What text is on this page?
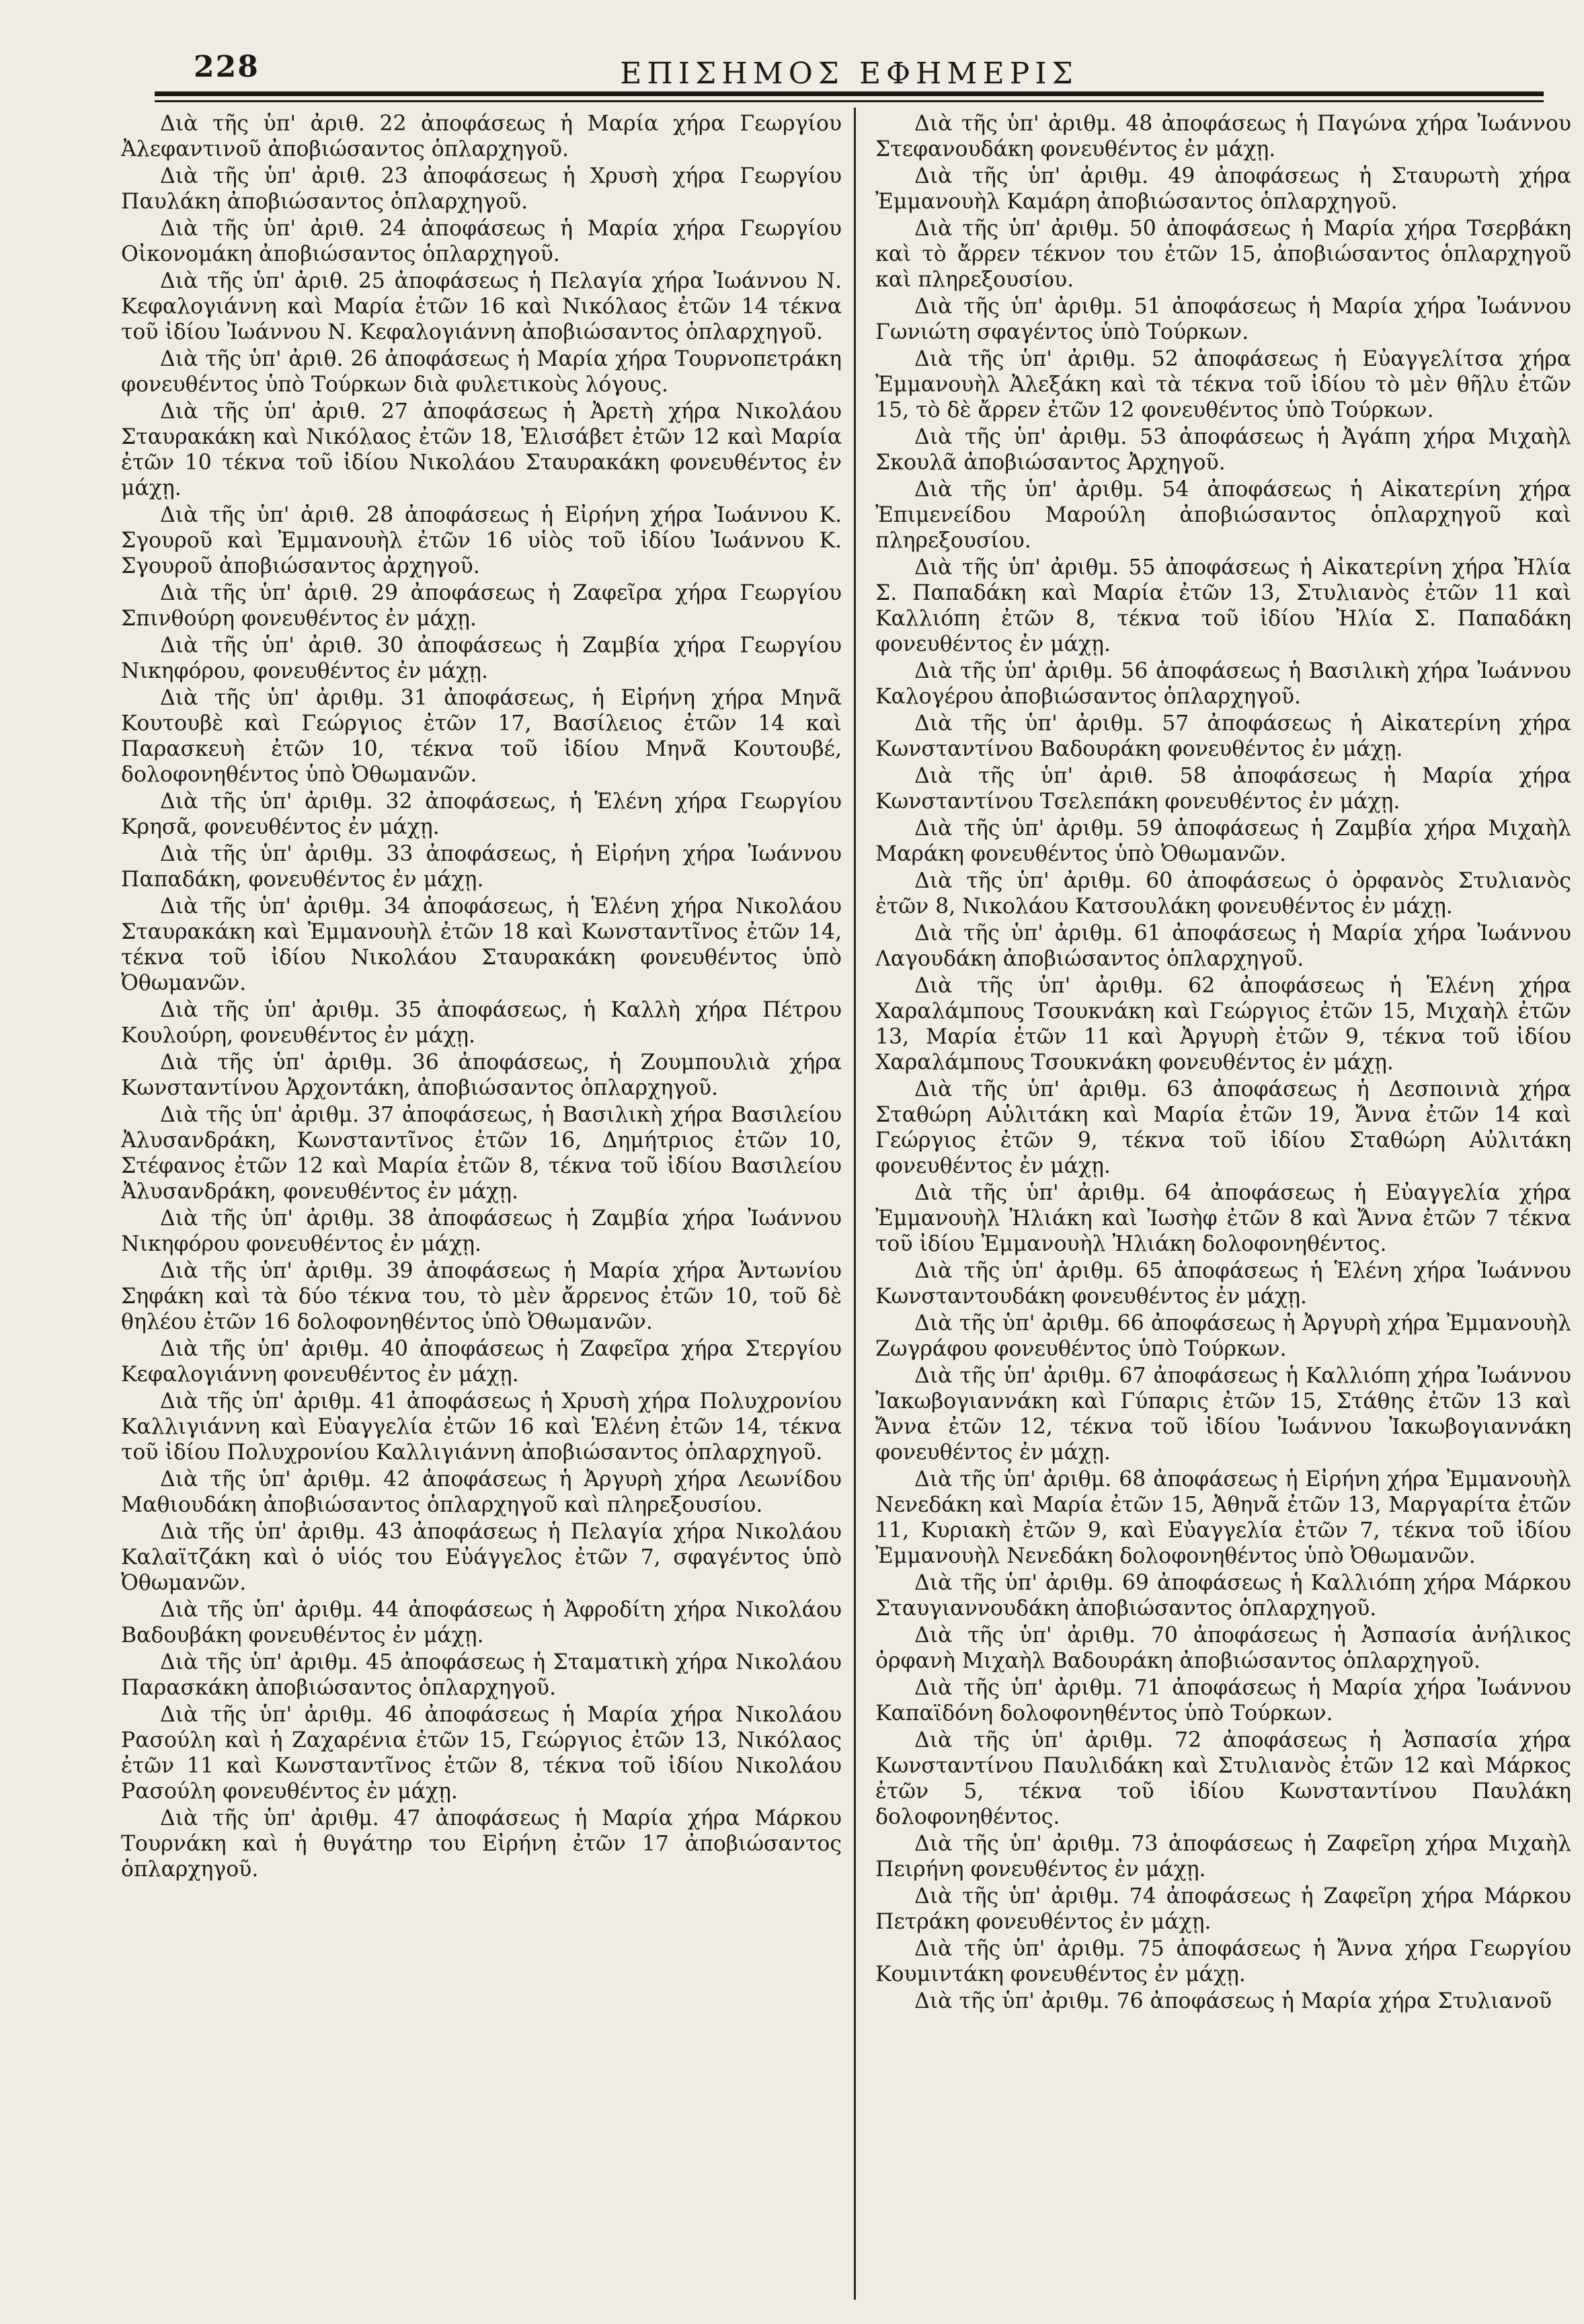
228	ΕΠΙΣΗΜΟΣ ΕΦΗΜΕΡΙΣ

Διὰ τῆς ὑπ' ἀριθ. 22 ἀποφάσεως ἡ Μαρία χήρα Γεωργίου Ἀλεφαντινοῦ ἀποβιώσαντος ὁπλαρχηγοῦ.

Διὰ τῆς ὑπ' ἀριθ. 23 ἀποφάσεως ἡ Χρυσὴ χήρα Γεωργίου Παυλάκη ἀποβιώσαντος ὁπλαρχηγοῦ.

Διὰ τῆς ὑπ' ἀριθ. 24 ἀποφάσεως ἡ Μαρία χήρα Γεωργίου Οἰκονομάκη ἀποβιώσαντος ὁπλαρχηγοῦ.

Διὰ τῆς ὑπ' ἀριθ. 25 ἀποφάσεως ἡ Πελαγία χήρα Ἰωάννου Ν. Κεφαλογιάννη καὶ Μαρία ἐτῶν 16 καὶ Νικόλαος ἐτῶν 14 τέκνα τοῦ ἰδίου Ἰωάννου Ν. Κεφαλογιάννη ἀποβιώσαντος ὁπλαρχηγοῦ.

Διὰ τῆς ὑπ' ἀριθ. 26 ἀποφάσεως ἡ Μαρία χήρα Τουρνοπετράκη φονευθέντος ὑπὸ Τούρκων διὰ φυλετικοὺς λόγους.

Διὰ τῆς ὑπ' ἀριθ. 27 ἀποφάσεως ἡ Ἀρετὴ χήρα Νικολάου Σταυρακάκη καὶ Νικόλαος ἐτῶν 18, Ἐλισάβετ ἐτῶν 12 καὶ Μαρία ἐτῶν 10 τέκνα τοῦ ἰδίου Νικολάου Σταυρακάκη φονευθέντος ἐν μάχῃ.

Διὰ τῆς ὑπ' ἀριθ. 28 ἀποφάσεως ἡ Εἰρήνη χήρα Ἰωάννου Κ. Σγουροῦ καὶ Ἐμμανουὴλ ἐτῶν 16 υἱὸς τοῦ ἰδίου Ἰωάννου Κ. Σγουροῦ ἀποβιώσαντος ἀρχηγοῦ.

Διὰ τῆς ὑπ' ἀριθ. 29 ἀποφάσεως ἡ Ζαφεῖρα χήρα Γεωργίου Σπινθούρη φονευθέντος ἐν μάχῃ.

Διὰ τῆς ὑπ' ἀριθ. 30 ἀποφάσεως ἡ Ζαμβία χήρα Γεωργίου Νικηφόρου, φονευθέντος ἐν μάχῃ.

Διὰ τῆς ὑπ' ἀριθμ. 31 ἀποφάσεως, ἡ Εἰρήνη χήρα Μηνᾶ Κουτουβὲ καὶ Γεώργιος ἐτῶν 17, Βασίλειος ἐτῶν 14 καὶ Παρασκευὴ ἐτῶν 10, τέκνα τοῦ ἰδίου Μηνᾶ Κουτουβέ, δολοφονηθέντος ὑπὸ Ὀθωμανῶν.

Διὰ τῆς ὑπ' ἀριθμ. 32 ἀποφάσεως, ἡ Ἑλένη χήρα Γεωργίου Κρησᾶ, φονευθέντος ἐν μάχῃ.

Διὰ τῆς ὑπ' ἀριθμ. 33 ἀποφάσεως, ἡ Εἰρήνη χήρα Ἰωάννου Παπαδάκη, φονευθέντος ἐν μάχῃ.

Διὰ τῆς ὑπ' ἀριθμ. 34 ἀποφάσεως, ἡ Ἑλένη χήρα Νικολάου Σταυρακάκη καὶ Ἐμμανουὴλ ἐτῶν 18 καὶ Κωνσταντῖνος ἐτῶν 14, τέκνα τοῦ ἰδίου Νικολάου Σταυρακάκη φονευθέντος ὑπὸ Ὀθωμανῶν.

Διὰ τῆς ὑπ' ἀριθμ. 35 ἀποφάσεως, ἡ Καλλὴ χήρα Πέτρου Κουλούρη, φονευθέντος ἐν μάχῃ.

Διὰ τῆς ὑπ' ἀριθμ. 36 ἀποφάσεως, ἡ Ζουμπουλιὰ χήρα Κωνσταντίνου Ἀρχοντάκη, ἀποβιώσαντος ὁπλαρχηγοῦ.

Διὰ τῆς ὑπ' ἀριθμ. 37 ἀποφάσεως, ἡ Βασιλικὴ χήρα Βασιλείου Ἀλυσανδράκη, Κωνσταντῖνος ἐτῶν 16, Δημήτριος ἐτῶν 10, Στέφανος ἐτῶν 12 καὶ Μαρία ἐτῶν 8, τέκνα τοῦ ἰδίου Βασιλείου Ἀλυσανδράκη, φονευθέντος ἐν μάχῃ.

Διὰ τῆς ὑπ' ἀριθμ. 38 ἀποφάσεως ἡ Ζαμβία χήρα Ἰωάννου Νικηφόρου φονευθέντος ἐν μάχῃ.

Διὰ τῆς ὑπ' ἀριθμ. 39 ἀποφάσεως ἡ Μαρία χήρα Ἀντωνίου Σηφάκη καὶ τὰ δύο τέκνα του, τὸ μὲν ἄρρενος ἐτῶν 10, τοῦ δὲ θηλέου ἐτῶν 16 δολοφονηθέντος ὑπὸ Ὀθωμανῶν.

Διὰ τῆς ὑπ' ἀριθμ. 40 ἀποφάσεως ἡ Ζαφεῖρα χήρα Στεργίου Κεφαλογιάννη φονευθέντος ἐν μάχῃ.

Διὰ τῆς ὑπ' ἀριθμ. 41 ἀποφάσεως ἡ Χρυσὴ χήρα Πολυχρονίου Καλλιγιάννη καὶ Εὐαγγελία ἐτῶν 16 καὶ Ἑλένη ἐτῶν 14, τέκνα τοῦ ἰδίου Πολυχρονίου Καλλιγιάννη ἀποβιώσαντος ὁπλαρχηγοῦ.

Διὰ τῆς ὑπ' ἀριθμ. 42 ἀποφάσεως ἡ Ἀργυρὴ χήρα Λεωνίδου Μαθιουδάκη ἀποβιώσαντος ὁπλαρχηγοῦ καὶ πληρεξουσίου.

Διὰ τῆς ὑπ' ἀριθμ. 43 ἀποφάσεως ἡ Πελαγία χήρα Νικολάου Καλαϊτζάκη καὶ ὁ υἱός του Εὐάγγελος ἐτῶν 7, σφαγέντος ὑπὸ Ὀθωμανῶν.

Διὰ τῆς ὑπ' ἀριθμ. 44 ἀποφάσεως ἡ Ἀφροδίτη χήρα Νικολάου Βαδουβάκη φονευθέντος ἐν μάχῃ.

Διὰ τῆς ὑπ' ἀριθμ. 45 ἀποφάσεως ἡ Σταματικὴ χήρα Νικολάου Παρασκάκη ἀποβιώσαντος ὁπλαρχηγοῦ.

Διὰ τῆς ὑπ' ἀριθμ. 46 ἀποφάσεως ἡ Μαρία χήρα Νικολάου Ρασούλη καὶ ἡ Ζαχαρένια ἐτῶν 15, Γεώργιος ἐτῶν 13, Νικόλαος ἐτῶν 11 καὶ Κωνσταντῖνος ἐτῶν 8, τέκνα τοῦ ἰδίου Νικολάου Ρασούλη φονευθέντος ἐν μάχῃ.

Διὰ τῆς ὑπ' ἀριθμ. 47 ἀποφάσεως ἡ Μαρία χήρα Μάρκου Τουρνάκη καὶ ἡ θυγάτηρ του Εἰρήνη ἐτῶν 17 ἀποβιώσαντος ὁπλαρχηγοῦ.

Διὰ τῆς ὑπ' ἀριθμ. 48 ἀποφάσεως ἡ Παγώνα χήρα Ἰωάννου Στεφανουδάκη φονευθέντος ἐν μάχῃ.

Διὰ τῆς ὑπ' ἀριθμ. 49 ἀποφάσεως ἡ Σταυρωτὴ χήρα Ἐμμανουὴλ Καμάρη ἀποβιώσαντος ὁπλαρχηγοῦ.

Διὰ τῆς ὑπ' ἀριθμ. 50 ἀποφάσεως ἡ Μαρία χήρα Τσερβάκη καὶ τὸ ἄρρεν τέκνον του ἐτῶν 15, ἀποβιώσαντος ὁπλαρχηγοῦ καὶ πληρεξουσίου.

Διὰ τῆς ὑπ' ἀριθμ. 51 ἀποφάσεως ἡ Μαρία χήρα Ἰωάννου Γωνιώτη σφαγέντος ὑπὸ Τούρκων.

Διὰ τῆς ὑπ' ἀριθμ. 52 ἀποφάσεως ἡ Εὐαγγελίτσα χήρα Ἐμμανουὴλ Ἀλεξάκη καὶ τὰ τέκνα τοῦ ἰδίου τὸ μὲν θῆλυ ἐτῶν 15, τὸ δὲ ἄρρεν ἐτῶν 12 φονευθέντος ὑπὸ Τούρκων.

Διὰ τῆς ὑπ' ἀριθμ. 53 ἀποφάσεως ἡ Ἀγάπη χήρα Μιχαὴλ Σκουλᾶ ἀποβιώσαντος Ἀρχηγοῦ.

Διὰ τῆς ὑπ' ἀριθμ. 54 ἀποφάσεως ἡ Αἰκατερίνη χήρα Ἐπιμενείδου Μαρούλη ἀποβιώσαντος ὁπλαρχηγοῦ καὶ πληρεξουσίου.

Διὰ τῆς ὑπ' ἀριθμ. 55 ἀποφάσεως ἡ Αἰκατερίνη χήρα Ἠλία Σ. Παπαδάκη καὶ Μαρία ἐτῶν 13, Στυλιανὸς ἐτῶν 11 καὶ Καλλιόπη ἐτῶν 8, τέκνα τοῦ ἰδίου Ἠλία Σ. Παπαδάκη φονευθέντος ἐν μάχῃ.

Διὰ τῆς ὑπ' ἀριθμ. 56 ἀποφάσεως ἡ Βασιλικὴ χήρα Ἰωάννου Καλογέρου ἀποβιώσαντος ὁπλαρχηγοῦ.

Διὰ τῆς ὑπ' ἀριθμ. 57 ἀποφάσεως ἡ Αἰκατερίνη χήρα Κωνσταντίνου Βαδουράκη φονευθέντος ἐν μάχῃ.

Διὰ τῆς ὑπ' ἀριθ. 58 ἀποφάσεως ἡ Μαρία χήρα Κωνσταντίνου Τσελεπάκη φονευθέντος ἐν μάχῃ.

Διὰ τῆς ὑπ' ἀριθμ. 59 ἀποφάσεως ἡ Ζαμβία χήρα Μιχαὴλ Μαράκη φονευθέντος ὑπὸ Ὀθωμανῶν.

Διὰ τῆς ὑπ' ἀριθμ. 60 ἀποφάσεως ὁ ὀρφανὸς Στυλιανὸς ἐτῶν 8, Νικολάου Κατσουλάκη φονευθέντος ἐν μάχῃ.

Διὰ τῆς ὑπ' ἀριθμ. 61 ἀποφάσεως ἡ Μαρία χήρα Ἰωάννου Λαγουδάκη ἀποβιώσαντος ὁπλαρχηγοῦ.

Διὰ τῆς ὑπ' ἀριθμ. 62 ἀποφάσεως ἡ Ἑλένη χήρα Χαραλάμπους Τσουκνάκη καὶ Γεώργιος ἐτῶν 15, Μιχαὴλ ἐτῶν 13, Μαρία ἐτῶν 11 καὶ Ἀργυρὴ ἐτῶν 9, τέκνα τοῦ ἰδίου Χαραλάμπους Τσουκνάκη φονευθέντος ἐν μάχῃ.

Διὰ τῆς ὑπ' ἀριθμ. 63 ἀποφάσεως ἡ Δεσποινιὰ χήρα Σταθώρη Αὐλιτάκη καὶ Μαρία ἐτῶν 19, Ἄννα ἐτῶν 14 καὶ Γεώργιος ἐτῶν 9, τέκνα τοῦ ἰδίου Σταθώρη Αὐλιτάκη φονευθέντος ἐν μάχῃ.

Διὰ τῆς ὑπ' ἀριθμ. 64 ἀποφάσεως ἡ Εὐαγγελία χήρα Ἐμμανουὴλ Ἠλιάκη καὶ Ἰωσὴφ ἐτῶν 8 καὶ Ἄννα ἐτῶν 7 τέκνα τοῦ ἰδίου Ἐμμανουὴλ Ἠλιάκη δολοφονηθέντος.

Διὰ τῆς ὑπ' ἀριθμ. 65 ἀποφάσεως ἡ Ἑλένη χήρα Ἰωάννου Κωνσταντουδάκη φονευθέντος ἐν μάχῃ.

Διὰ τῆς ὑπ' ἀριθμ. 66 ἀποφάσεως ἡ Ἀργυρὴ χήρα Ἐμμανουὴλ Ζωγράφου φονευθέντος ὑπὸ Τούρκων.

Διὰ τῆς ὑπ' ἀριθμ. 67 ἀποφάσεως ἡ Καλλιόπη χήρα Ἰωάννου Ἰακωβογιαννάκη καὶ Γύπαρις ἐτῶν 15, Στάθης ἐτῶν 13 καὶ Ἄννα ἐτῶν 12, τέκνα τοῦ ἰδίου Ἰωάννου Ἰακωβογιαννάκη φονευθέντος ἐν μάχῃ.

Διὰ τῆς ὑπ' ἀριθμ. 68 ἀποφάσεως ἡ Εἰρήνη χήρα Ἐμμανουὴλ Νενεδάκη καὶ Μαρία ἐτῶν 15, Ἀθηνᾶ ἐτῶν 13, Μαργαρίτα ἐτῶν 11, Κυριακὴ ἐτῶν 9, καὶ Εὐαγγελία ἐτῶν 7, τέκνα τοῦ ἰδίου Ἐμμανουὴλ Νενεδάκη δολοφονηθέντος ὑπὸ Ὀθωμανῶν.

Διὰ τῆς ὑπ' ἀριθμ. 69 ἀποφάσεως ἡ Καλλιόπη χήρα Μάρκου Σταυγιαννουδάκη ἀποβιώσαντος ὁπλαρχηγοῦ.

Διὰ τῆς ὑπ' ἀριθμ. 70 ἀποφάσεως ἡ Ἀσπασία ἀνήλικος ὀρφανὴ Μιχαὴλ Βαδουράκη ἀποβιώσαντος ὁπλαρχηγοῦ.

Διὰ τῆς ὑπ' ἀριθμ. 71 ἀποφάσεως ἡ Μαρία χήρα Ἰωάννου Καπαϊδόνη δολοφονηθέντος ὑπὸ Τούρκων.

Διὰ τῆς ὑπ' ἀριθμ. 72 ἀποφάσεως ἡ Ἀσπασία χήρα Κωνσταντίνου Παυλιδάκη καὶ Στυλιανὸς ἐτῶν 12 καὶ Μάρκος ἐτῶν 5, τέκνα τοῦ ἰδίου Κωνσταντίνου Παυλάκη δολοφονηθέντος.

Διὰ τῆς ὑπ' ἀριθμ. 73 ἀποφάσεως ἡ Ζαφεῖρη χήρα Μιχαὴλ Πειρήνη φονευθέντος ἐν μάχῃ.

Διὰ τῆς ὑπ' ἀριθμ. 74 ἀποφάσεως ἡ Ζαφεῖρη χήρα Μάρκου Πετράκη φονευθέντος ἐν μάχῃ.

Διὰ τῆς ὑπ' ἀριθμ. 75 ἀποφάσεως ἡ Ἄννα χήρα Γεωργίου Κουμιντάκη φονευθέντος ἐν μάχῃ.

Διὰ τῆς ὑπ' ἀριθμ. 76 ἀποφάσεως ἡ Μαρία χήρα Στυλιανοῦ
